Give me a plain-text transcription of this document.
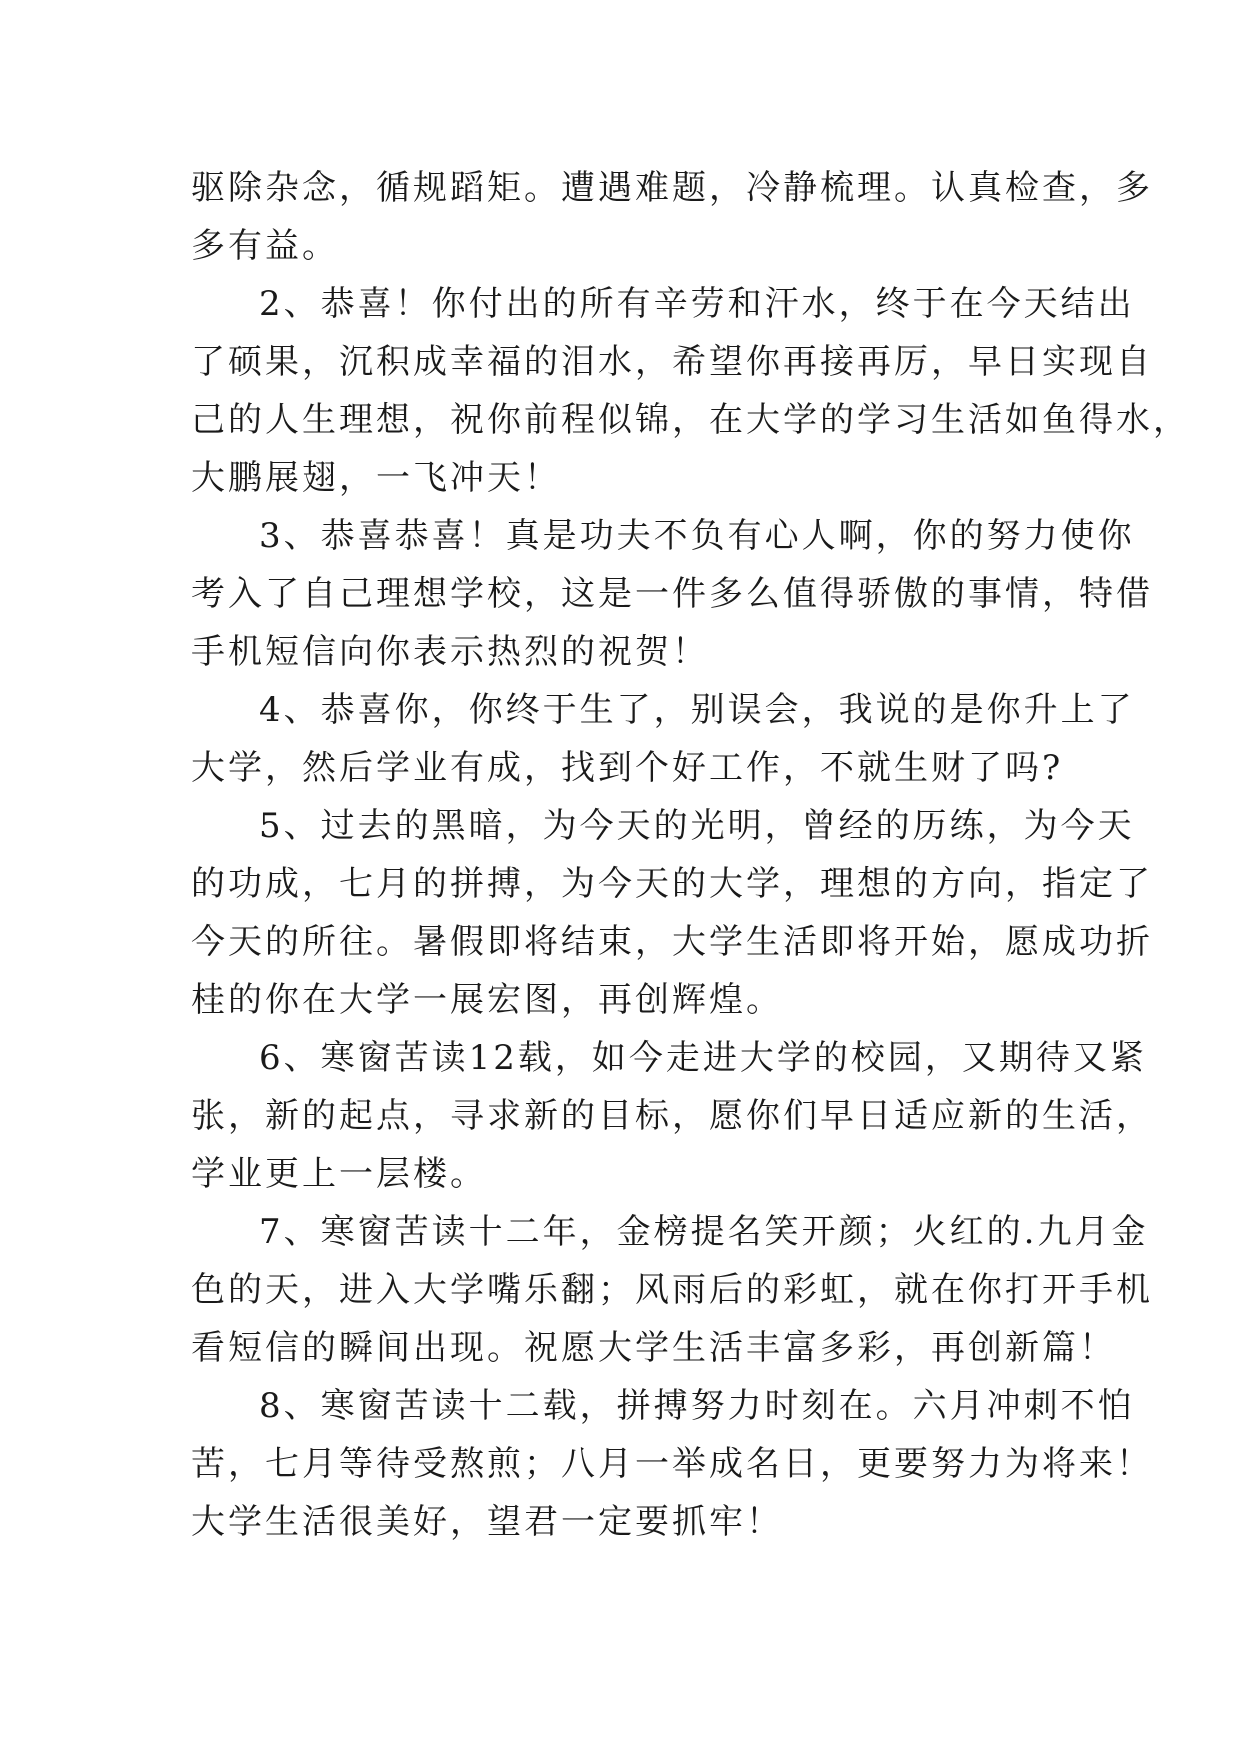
驱除杂念，循规蹈矩。遭遇难题，冷静梳理。认真检查，多
多有益。
2、恭喜！你付出的所有辛劳和汗水，终于在今天结出
了硕果，沉积成幸福的泪水，希望你再接再厉，早日实现自
己的人生理想，祝你前程似锦，在大学的学习生活如鱼得水，
大鹏展翅，一飞冲天！
3、恭喜恭喜！真是功夫不负有心人啊，你的努力使你
考入了自己理想学校，这是一件多么值得骄傲的事情，特借
手机短信向你表示热烈的祝贺！
4、恭喜你，你终于生了，别误会，我说的是你升上了
大学，然后学业有成，找到个好工作，不就生财了吗?
5、过去的黑暗，为今天的光明，曾经的历练，为今天
的功成，七月的拼搏，为今天的大学，理想的方向，指定了
今天的所往。暑假即将结束，大学生活即将开始，愿成功折
桂的你在大学一展宏图，再创辉煌。
6、寒窗苦读12载，如今走进大学的校园，又期待又紧
张，新的起点，寻求新的目标，愿你们早日适应新的生活，
学业更上一层楼。
7、寒窗苦读十二年，金榜提名笑开颜；火红的.九月金
色的天，进入大学嘴乐翻；风雨后的彩虹，就在你打开手机
看短信的瞬间出现。祝愿大学生活丰富多彩，再创新篇！
8、寒窗苦读十二载，拼搏努力时刻在。六月冲刺不怕
苦，七月等待受熬煎；八月一举成名日，更要努力为将来！
大学生活很美好，望君一定要抓牢！
